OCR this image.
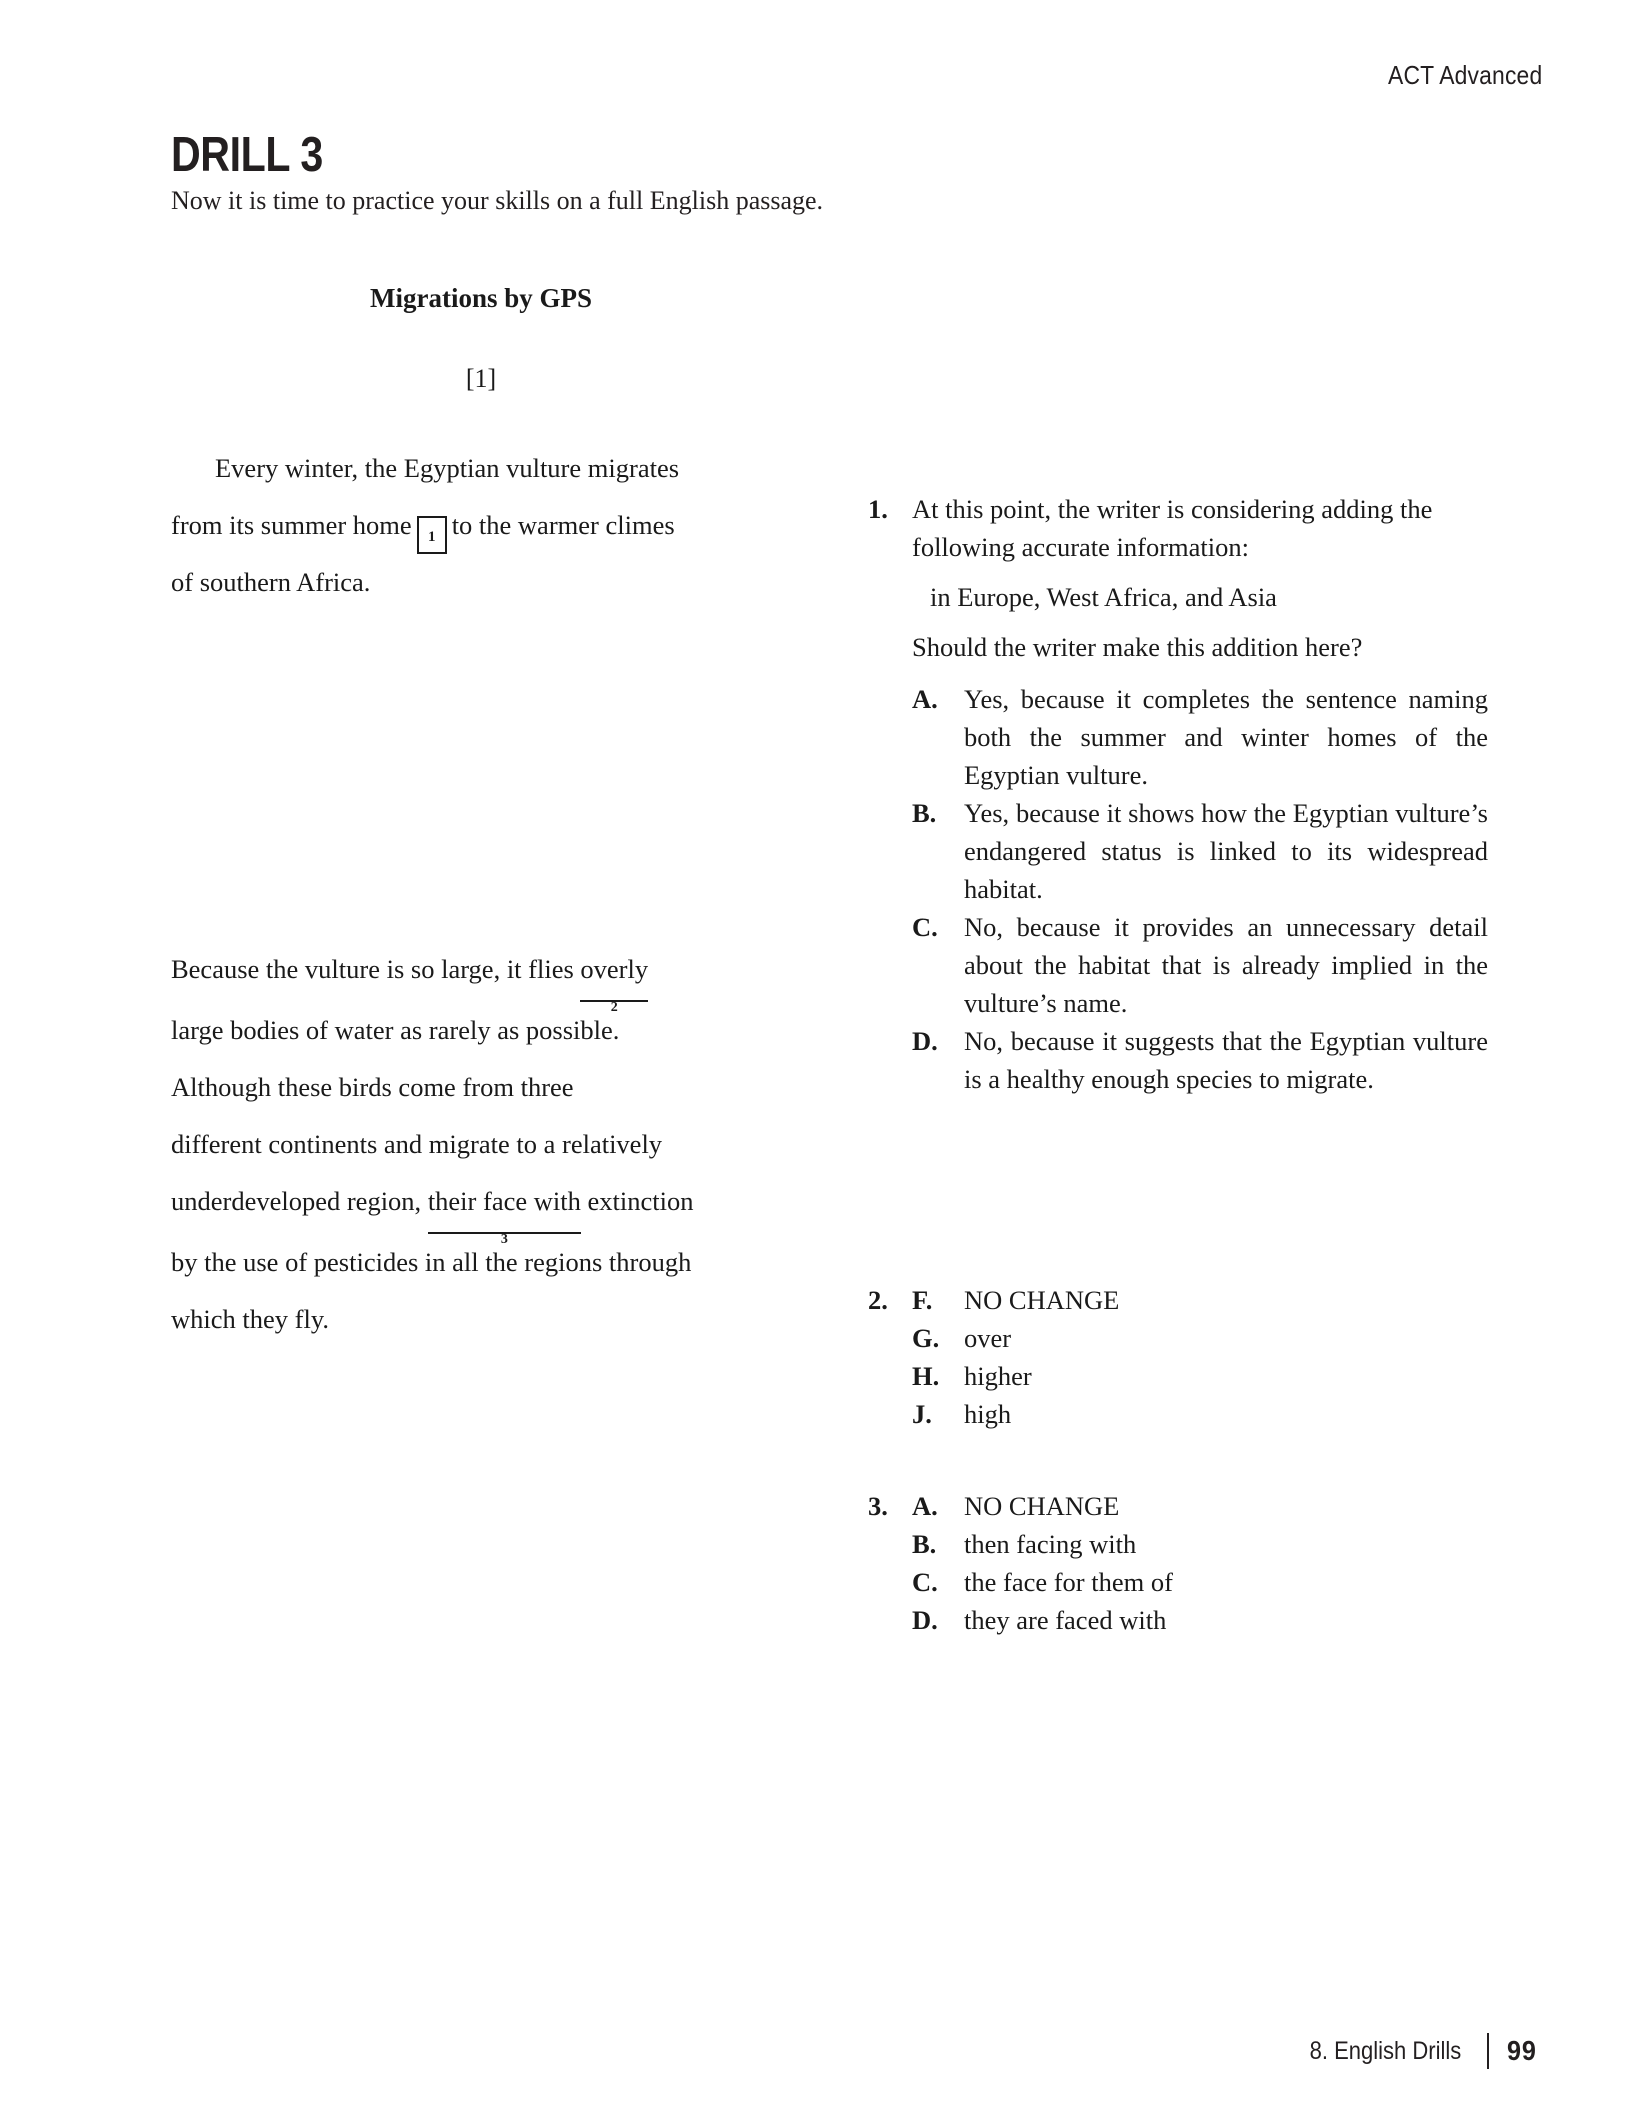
ACT Advanced
DRILL 3
Now it is time to practice your skills on a full English passage.
Migrations by GPS
[1]
Every winter, the Egyptian vulture migrates
from its summer home 1 to the warmer climes
of southern Africa.
Because the vulture is so large, it flies overly
2
large bodies of water as rarely as possible.
Although these birds come from three
different continents and migrate to a relatively
underdeveloped region, their face with
3
extinction
by the use of pesticides in all the regions through
which they fly.
1. At this point, the writer is considering adding the following accurate information:
in Europe, West Africa, and Asia
Should the writer make this addition here?
A. Yes, because it completes the sentence naming both the summer and winter homes of the Egyptian vulture.
B.	Yes, because it shows how the Egyptian vulture’s endangered status is linked to its widespread habitat.
C. No, because it provides an unnecessary detail about the habitat that is already implied in the vulture’s name.
D. No, because it suggests that the Egyptian vulture is a healthy enough species to migrate.
2. F.	NO CHANGE
G. over
H. higher
J.	high
3. A. NO CHANGE
B.	then facing with
C. the face for them of
D. they are faced with
8. English Drills 99
